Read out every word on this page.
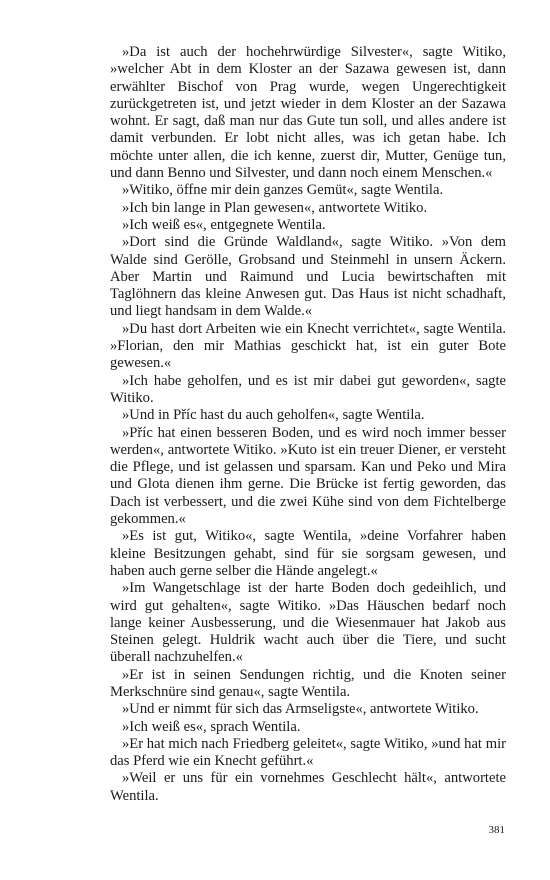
»Da ist auch der hochehrwürdige Silvester«, sagte Witiko, »welcher Abt in dem Kloster an der Sazawa gewesen ist, dann erwählter Bischof von Prag wurde, wegen Ungerechtigkeit zurückgetreten ist, und jetzt wieder in dem Kloster an der Sazawa wohnt. Er sagt, daß man nur das Gute tun soll, und alles andere ist damit verbunden. Er lobt nicht alles, was ich getan habe. Ich möchte unter allen, die ich kenne, zuerst dir, Mutter, Genüge tun, und dann Benno und Silvester, und dann noch einem Menschen.«

»Witiko, öffne mir dein ganzes Gemüt«, sagte Wentila.

»Ich bin lange in Plan gewesen«, antwortete Witiko.

»Ich weiß es«, entgegnete Wentila.

»Dort sind die Gründe Waldland«, sagte Witiko. »Von dem Walde sind Gerölle, Grobsand und Steinmehl in unsern Äckern. Aber Martin und Raimund und Lucia bewirtschaften mit Taglöhnern das kleine Anwesen gut. Das Haus ist nicht schadhaft, und liegt handsam in dem Walde.«

»Du hast dort Arbeiten wie ein Knecht verrichtet«, sagte Wentila. »Florian, den mir Mathias geschickt hat, ist ein guter Bote gewesen.«

»Ich habe geholfen, und es ist mir dabei gut geworden«, sagte Witiko.

»Und in Příc hast du auch geholfen«, sagte Wentila.

»Příc hat einen besseren Boden, und es wird noch immer besser werden«, antwortete Witiko. »Kuto ist ein treuer Diener, er versteht die Pflege, und ist gelassen und sparsam. Kan und Peko und Mira und Glota dienen ihm gerne. Die Brücke ist fertig geworden, das Dach ist verbessert, und die zwei Kühe sind von dem Fichtelberge gekommen.«

»Es ist gut, Witiko«, sagte Wentila, »deine Vorfahrer haben kleine Besitzungen gehabt, sind für sie sorgsam gewesen, und haben auch gerne selber die Hände angelegt.«

»Im Wangetschlage ist der harte Boden doch gedeihlich, und wird gut gehalten«, sagte Witiko. »Das Häuschen bedarf noch lange keiner Ausbesserung, und die Wiesenmauer hat Jakob aus Steinen gelegt. Huldrik wacht auch über die Tiere, und sucht überall nachzuhelfen.«

»Er ist in seinen Sendungen richtig, und die Knoten seiner Merkschnüre sind genau«, sagte Wentila.

»Und er nimmt für sich das Armseligste«, antwortete Witiko.

»Ich weiß es«, sprach Wentila.

»Er hat mich nach Friedberg geleitet«, sagte Witiko, »und hat mir das Pferd wie ein Knecht geführt.«

»Weil er uns für ein vornehmes Geschlecht hält«, antwortete Wentila.

381
